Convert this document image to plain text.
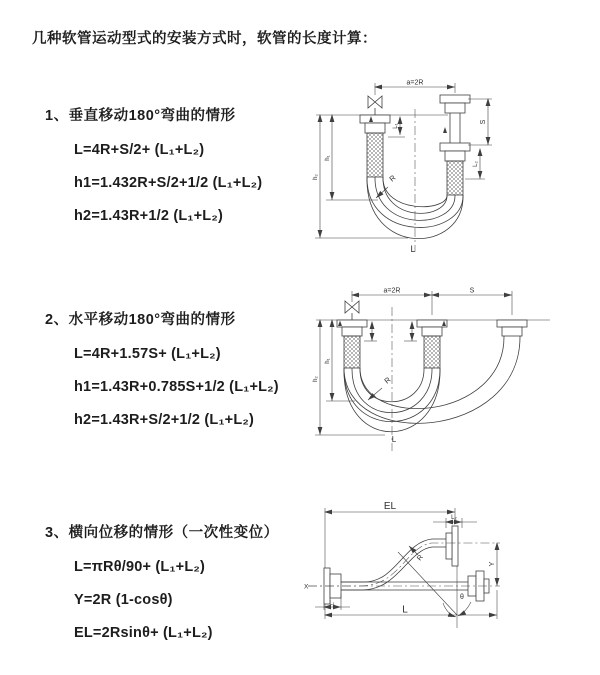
几种软管运动型式的安装方式时，软管的长度计算：
1、垂直移动180°弯曲的情形
L=4R+S/2+ (L₁+L₂)
h1=1.432R+S/2+1/2 (L₁+L₂)
h2=1.43R+1/2 (L₁+L₂)
a=2R
L₁
S
L₂
h₁
h₂	R
L
2、水平移动180°弯曲的情形
L=4R+1.57S+ (L₁+L₂)
h1=1.43R+0.785S+1/2 (L₁+L₂)
h2=1.43R+S/2+1/2 (L₁+L₂)
a=2R	S
h₁
h₂	R
L
3、横向位移的情形（一次性变位）
L=πRθ/90+ (L₁+L₂)
Y=2R (1-cosθ)
EL=2Rsinθ+ (L₁+L₂)
EL
L₂
X
Y
R
θ
L₁
L
